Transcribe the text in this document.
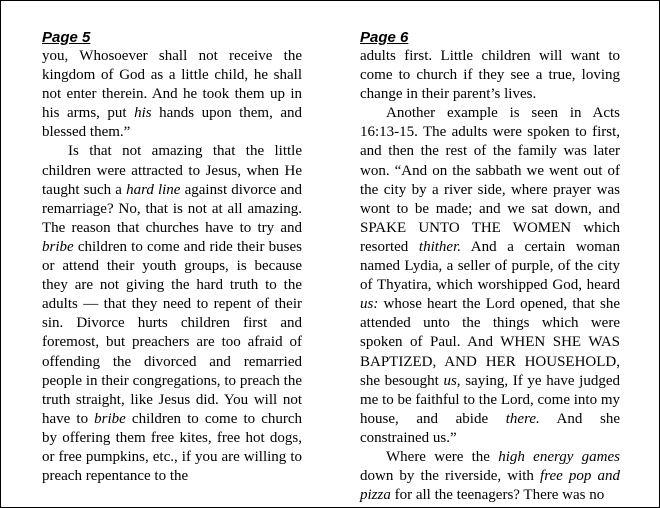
Page 5

you, Whosoever shall not receive the kingdom of God as a little child, he shall not enter therein. And he took them up in his arms, put his hands upon them, and blessed them.”

Is that not amazing that the little children were attracted to Jesus, when He taught such a hard line against divorce and remarriage? No, that is not at all amazing. The reason that churches have to try and bribe children to come and ride their buses or attend their youth groups, is because they are not giving the hard truth to the adults — that they need to repent of their sin. Divorce hurts children first and foremost, but preachers are too afraid of offending the divorced and remarried people in their congregations, to preach the truth straight, like Jesus did. You will not have to bribe children to come to church by offering them free kites, free hot dogs, or free pumpkins, etc., if you are willing to preach repentance to the

Page 6

adults first. Little children will want to come to church if they see a true, loving change in their parent’s lives.

Another example is seen in Acts 16:13-15. The adults were spoken to first, and then the rest of the family was later won. “And on the sabbath we went out of the city by a river side, where prayer was wont to be made; and we sat down, and SPAKE UNTO THE WOMEN which resorted thither. And a certain woman named Lydia, a seller of purple, of the city of Thyatira, which worshipped God, heard us: whose heart the Lord opened, that she attended unto the things which were spoken of Paul. And WHEN SHE WAS BAPTIZED, AND HER HOUSEHOLD, she besought us, saying, If ye have judged me to be faithful to the Lord, come into my house, and abide there. And she constrained us.”

Where were the high energy games down by the riverside, with free pop and pizza for all the teenagers? There was no
